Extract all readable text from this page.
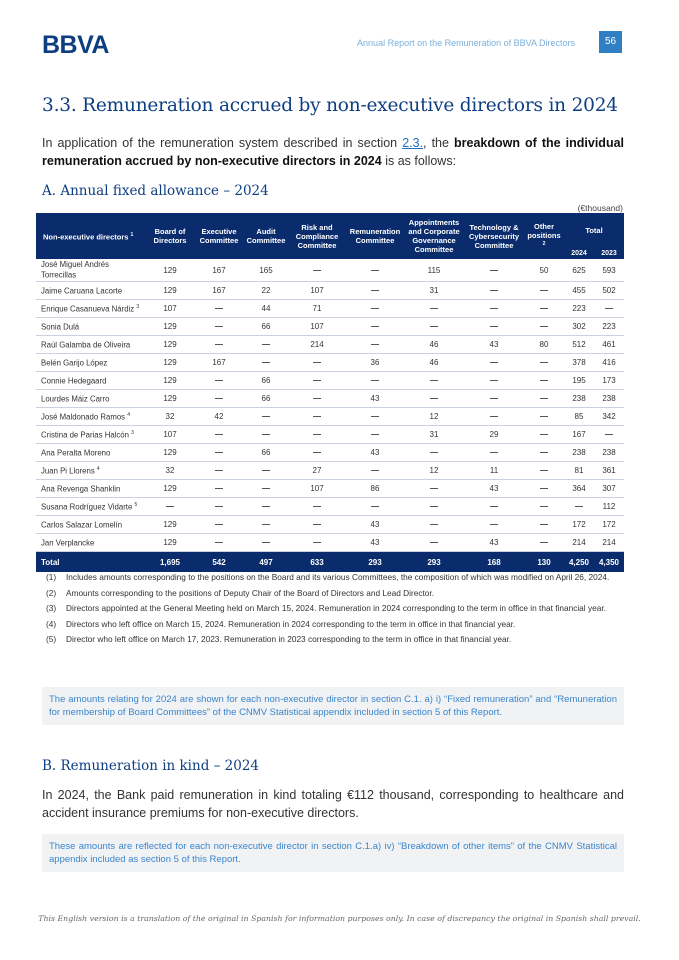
BBVA	Annual Report on the Remuneration of BBVA Directors	56
3.3. Remuneration accrued by non-executive directors in 2024

In application of the remuneration system described in section 2.3., the breakdown of the individual remuneration accrued by non-executive directors in 2024 is as follows:

A. Annual fixed allowance – 2024
(€thousand)
Non-executive directors $^1$	Board of Directors	Executive Committee	Audit Committee	Risk and Compliance Committee	Remuneration Committee	Appointments and Corporate Governance Committee	Technology & Cybersecurity Committee	Other positions
$^2$	Total	
									2024	2023
José Miguel Andrés Torrecillas	129	167	165	—	—	115	—	50	625	593
Jaime Caruana Lacorte	129	167	22	107	—	31	—	—	455	502
Enrique Casanueva Nárdiz $^3$	107	—	44	71	—	—	—	—	223	—
Sonia Dulá	129	—	66	107	—	—	—	—	302	223
Raúl Galamba de Oliveira	129	—	—	214	—	46	43	80	512	461
Belén Garijo López	129	167	—	—	36	46	—	—	378	416
Connie Hedegaard	129	—	66	—	—	—	—	—	195	173
Lourdes Máiz Carro	129	—	66	—	43	—	—	—	238	238
José Maldonado Ramos $^4$	32	42	—	—	—	12	—	—	85	342
Cristina de Parias Halcón $^3$	107	—	—	—	—	31	29	—	167	—
Ana Peralta Moreno	129	—	66	—	43	—	—	—	238	238
Juan Pi Llorens $^4$	32	—	—	27	—	12	11	—	81	361
Ana Revenga Shanklin	129	—	—	107	86	—	43	—	364	307
Susana Rodríguez Vidarte $^5$	—	—	—	—	—	—	—	—	—	112
Carlos Salazar Lomelín	129	—	—	—	43	—	—	—	172	172
Jan Verplancke	129	—	—	—	43	—	43	—	214	214
Total	1,695	542	497	633	293	293	168	130	4,250	4,350
(1)	Includes amounts corresponding to the positions on the Board and its various Committees, the composition of which was modified on April 26, 2024.
(2)	Amounts corresponding to the positions of Deputy Chair of the Board of Directors and Lead Director.
(3)	Directors appointed at the General Meeting held on March 15, 2024. Remuneration in 2024 corresponding to the term in office in that financial year.
(4)	Directors who left office on March 15, 2024. Remuneration in 2024 corresponding to the term in office in that financial year.
(5)	Director who left office on March 17, 2023. Remuneration in 2023 corresponding to the term in office in that financial year.
The amounts relating for 2024 are shown for each non-executive director in section C.1. a) i) “Fixed remuneration” and “Remuneration for membership of Board Committees” of the CNMV Statistical appendix included in section 5 of this Report.
B. Remuneration in kind – 2024

In 2024, the Bank paid remuneration in kind totaling €112 thousand, corresponding to healthcare and accident insurance premiums for non-executive directors.

These amounts are reflected for each non-executive director in section C.1.a) iv) “Breakdown of other items” of the CNMV Statistical appendix included as section 5 of this Report.
This English version is a translation of the original in Spanish for information purposes only. In case of discrepancy the original in Spanish shall prevail.
